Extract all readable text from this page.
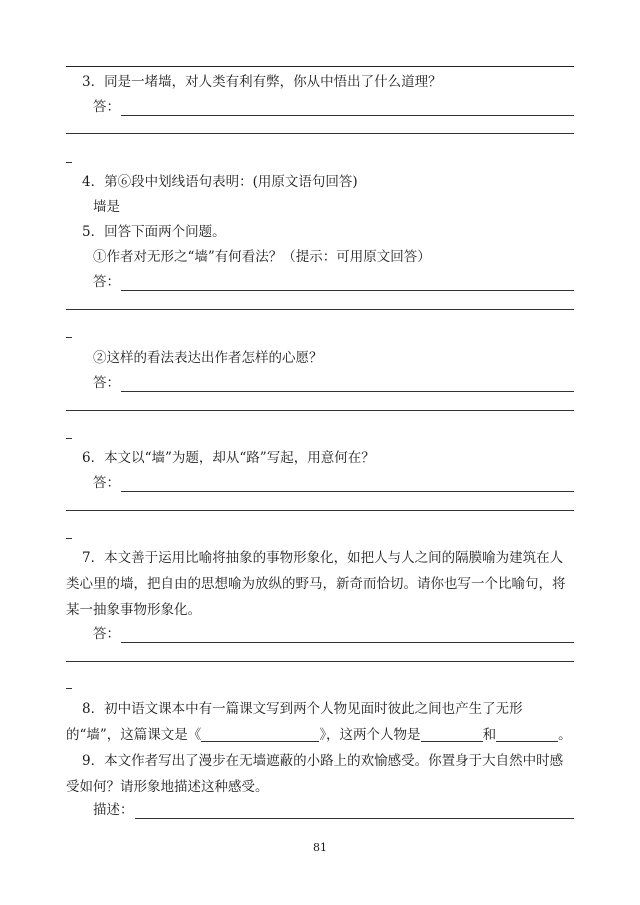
3．同是一堵墙，对人类有利有弊，你从中悟出了什么道理？
答：
4．第⑥段中划线语句表明：(用原文语句回答)
墙是
5．回答下面两个问题。
①作者对无形之“墙”有何看法？（提示：可用原文回答）
答：
②这样的看法表达出作者怎样的心愿？
答：
6．本文以“墙”为题，却从“路”写起，用意何在？
答：
7．本文善于运用比喻将抽象的事物形象化，如把人与人之间的隔膜喻为建筑在人类心里的墙，把自由的思想喻为放纵的野马，新奇而恰切。请你也写一个比喻句，将某一抽象事物形象化。
答：
8．初中语文课本中有一篇课文写到两个人物见面时彼此之间也产生了无形的“墙”，这篇课文是《	》，这两个人物是	和	。
9．本文作者写出了漫步在无墙遮蔽的小路上的欢愉感受。你置身于大自然中时感受如何？请形象地描述这种感受。
描述：
81
